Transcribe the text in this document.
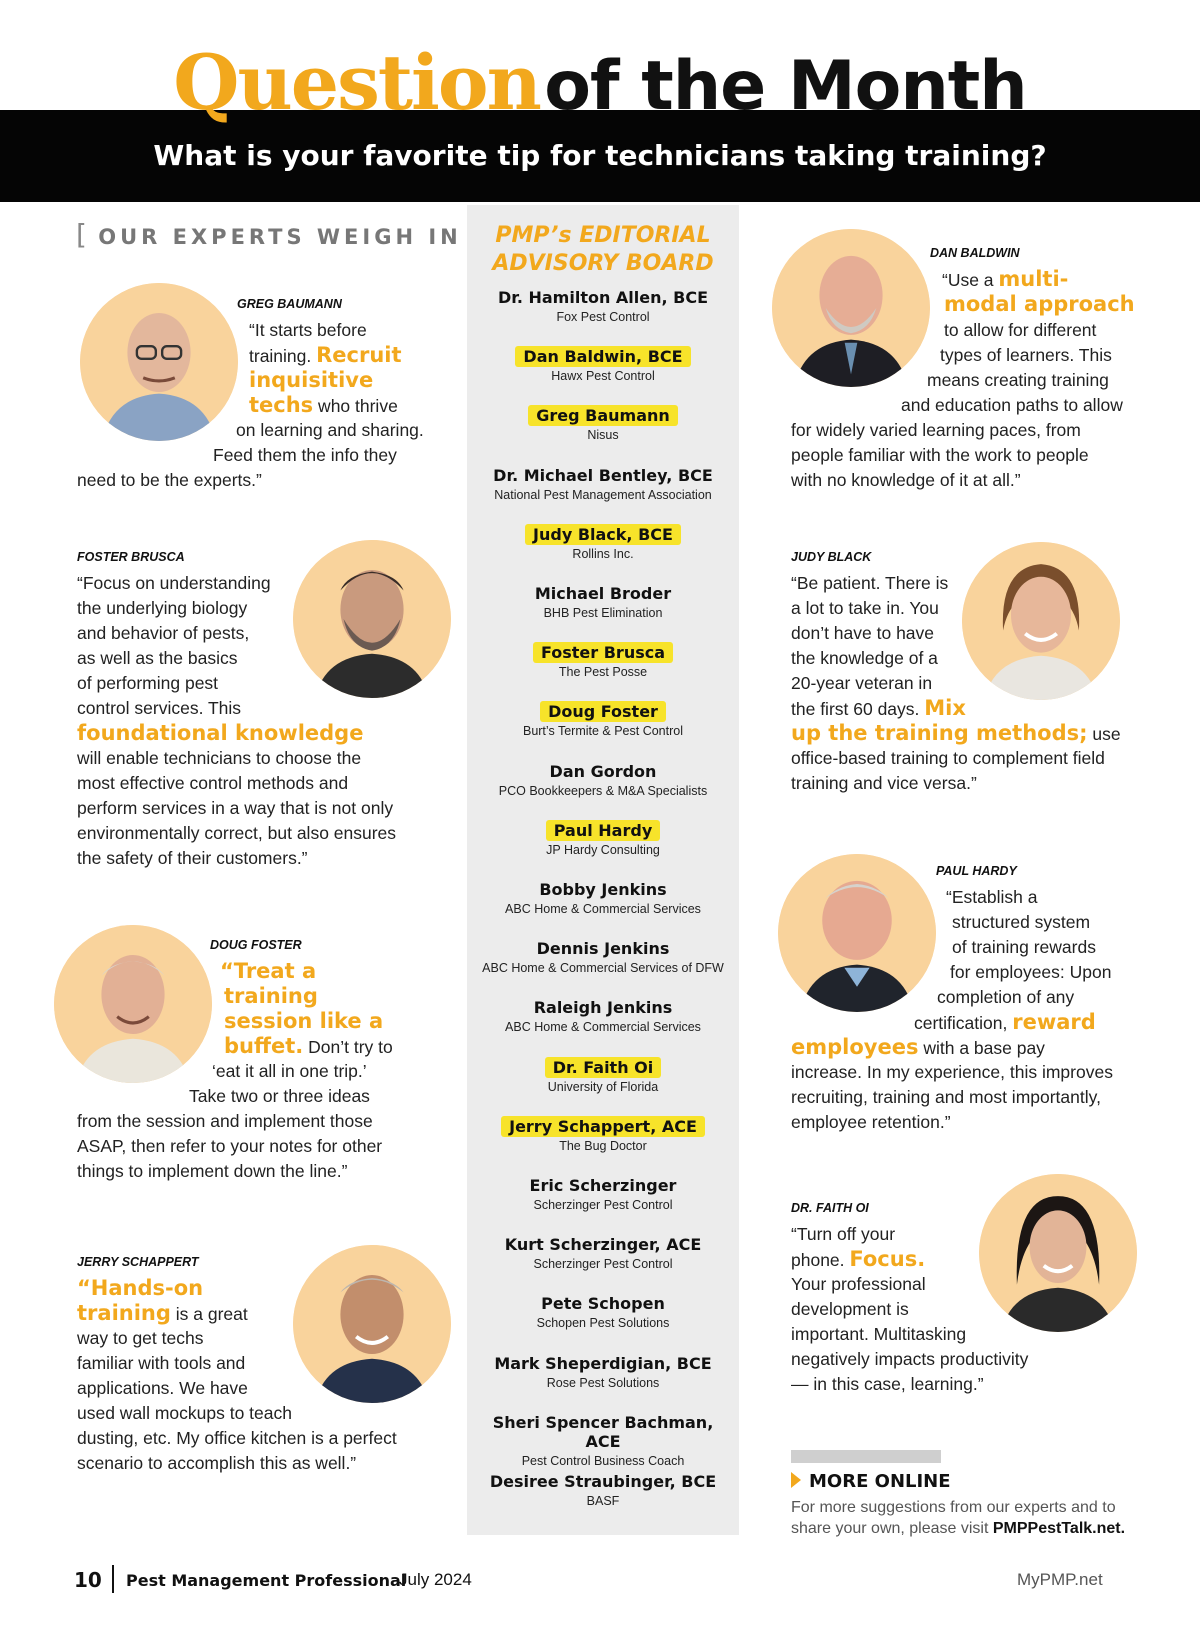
Question of the Month
What is your favorite tip for technicians taking training?
[ OUR EXPERTS WEIGH IN
GREG BAUMANN
“It starts before
training. Recruit
inquisitive
techs who thrive
on learning and sharing.
Feed them the info they
need to be the experts.”
FOSTER BRUSCA
“Focus on understanding
the underlying biology
and behavior of pests,
as well as the basics
of performing pest
control services. This
foundational knowledge
will enable technicians to choose the
most effective control methods and
perform services in a way that is not only
environmentally correct, but also ensures
the safety of their customers.”
DOUG FOSTER
“Treat a
training
session like a
buffet. Don’t try to
‘eat it all in one trip.’
Take two or three ideas
from the session and implement those
ASAP, then refer to your notes for other
things to implement down the line.”
JERRY SCHAPPERT
“Hands-on
training is a great
way to get techs
familiar with tools and
applications. We have
used wall mockups to teach
dusting, etc. My office kitchen is a perfect
scenario to accomplish this as well.”
DAN BALDWIN
“Use a multi-
modal approach
to allow for different
types of learners. This
means creating training
and education paths to allow
for widely varied learning paces, from
people familiar with the work to people
with no knowledge of it at all.”
JUDY BLACK
“Be patient. There is
a lot to take in. You
don’t have to have
the knowledge of a
20-year veteran in
the first 60 days. Mix
up the training methods; use
office-based training to complement field
training and vice versa.”
PAUL HARDY
“Establish a
structured system
of training rewards
for employees: Upon
completion of any
certification, reward
employees with a base pay
increase. In my experience, this improves
recruiting, training and most importantly,
employee retention.”
DR. FAITH OI
“Turn off your
phone. Focus.
Your professional
development is
important. Multitasking
negatively impacts productivity
— in this case, learning.”
PMP’s EDITORIAL
ADVISORY BOARD
Dr. Hamilton Allen, BCE
Fox Pest Control
Dan Baldwin, BCE
Hawx Pest Control
Greg Baumann
Nisus
Dr. Michael Bentley, BCE
National Pest Management Association
Judy Black, BCE
Rollins Inc.
Michael Broder
BHB Pest Elimination
Foster Brusca
The Pest Posse
Doug Foster
Burt’s Termite & Pest Control
Dan Gordon
PCO Bookkeepers & M&A Specialists
Paul Hardy
JP Hardy Consulting
Bobby Jenkins
ABC Home & Commercial Services
Dennis Jenkins
ABC Home & Commercial Services of DFW
Raleigh Jenkins
ABC Home & Commercial Services
Dr. Faith Oi
University of Florida
Jerry Schappert, ACE
The Bug Doctor
Eric Scherzinger
Scherzinger Pest Control
Kurt Scherzinger, ACE
Scherzinger Pest Control
Pete Schopen
Schopen Pest Solutions
Mark Sheperdigian, BCE
Rose Pest Solutions
Sheri Spencer Bachman, ACE
Pest Control Business Coach
Desiree Straubinger, BCE
BASF
MORE ONLINE
For more suggestions from our experts and to share your own, please visit PMPPestTalk.net.
10 Pest Management Professional
July 2024	MyPMP.net
